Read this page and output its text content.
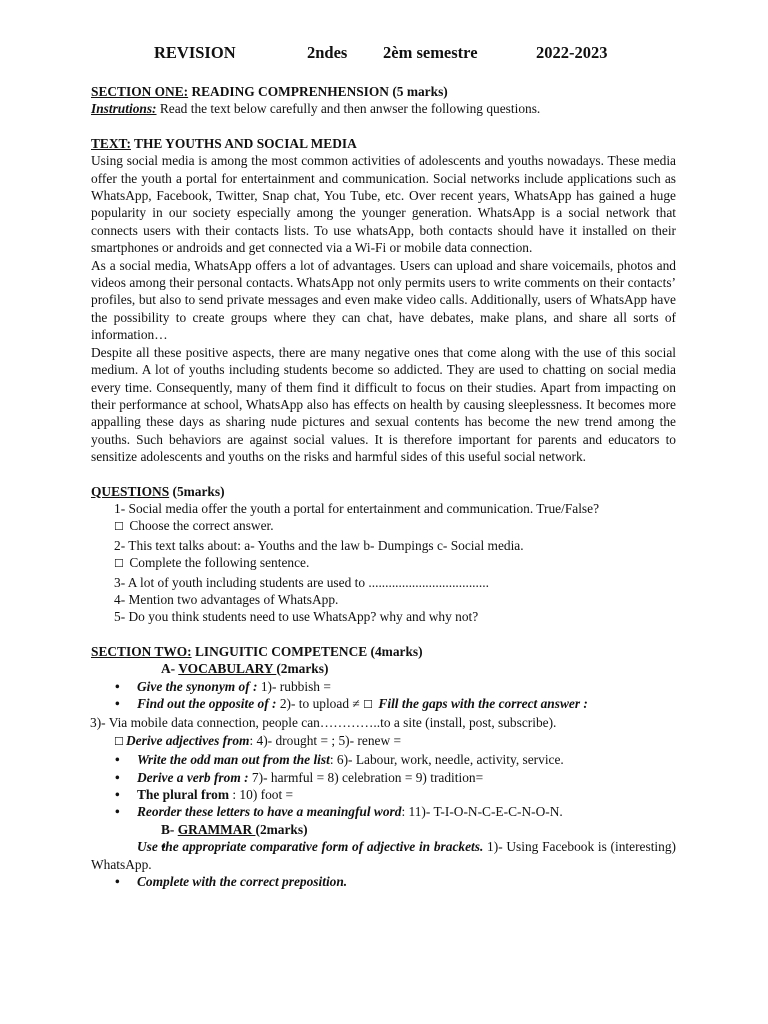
REVISION	2ndes 2èm semestre	2022-2023

SECTION ONE: READING COMPRENHENSION (5 marks)

Instrutions: Read the text below carefully and then anwser the following questions.

TEXT: THE YOUTHS AND SOCIAL MEDIA

Using social media is among the most common activities of adolescents and youths nowadays. These media offer the youth a portal for entertainment and communication. Social networks include applications such as WhatsApp, Facebook, Twitter, Snap chat, You Tube, etc. Over recent years, WhatsApp has gained a huge popularity in our society especially among the younger generation. WhatsApp is a social network that connects users with their contacts lists. To use whatsApp, both contacts should have it installed on their smartphones or androids and get connected via a Wi-Fi or mobile data connection.

As a social media, WhatsApp offers a lot of advantages. Users can upload and share voicemails, photos and videos among their personal contacts. WhatsApp not only permits users to write comments on their contacts’ profiles, but also to send private messages and even make video calls. Additionally, users of WhatsApp have the possibility to create groups where they can chat, have debates, make plans, and share all sorts of information…

Despite all these positive aspects, there are many negative ones that come along with the use of this social medium. A lot of youths including students become so addicted. They are used to chatting on social media every time. Consequently, many of them find it difficult to focus on their studies. Apart from impacting on their performance at school, WhatsApp also has effects on health by causing sleeplessness. It becomes more appalling these days as sharing nude pictures and sexual contents has become the new trend among the youths. Such behaviors are against social values. It is therefore important for parents and educators to sensitize adolescents and youths on the risks and harmful sides of this useful social network.

QUESTIONS (5marks)

1- Social media offer the youth a portal for entertainment and communication. True/False?

☐ Choose the correct answer.

2- This text talks about: a- Youths and the law b- Dumpings c- Social media.

☐ Complete the following sentence.

3- A lot of youth including students are used to ....................................

4- Mention two advantages of WhatsApp.

5- Do you think students need to use WhatsApp? why and why not?

SECTION TWO: LINGUITIC COMPETENCE (4marks)

A- VOCABULARY (2marks)

• Give the synonym of : 1)- rubbish =

• Find out the opposite of : 2)- to upload ≠ ☐ Fill the gaps with the correct answer :

3)- Via mobile data connection, people can…………..to a site (install, post, subscribe).

☐ Derive adjectives from: 4)- drought = ; 5)- renew =

• Write the odd man out from the list: 6)- Labour, work, needle, activity, service.

• Derive a verb from : 7)- harmful = 8) celebration = 9) tradition=

• The plural from : 10) foot =

• Reorder these letters to have a meaningful word: 11)- T-I-O-N-C-E-C-N-O-N.

B- GRAMMAR (2marks)

• Use the appropriate comparative form of adjective in brackets. 1)- Using Facebook is (interesting) WhatsApp.

• Complete with the correct preposition.
